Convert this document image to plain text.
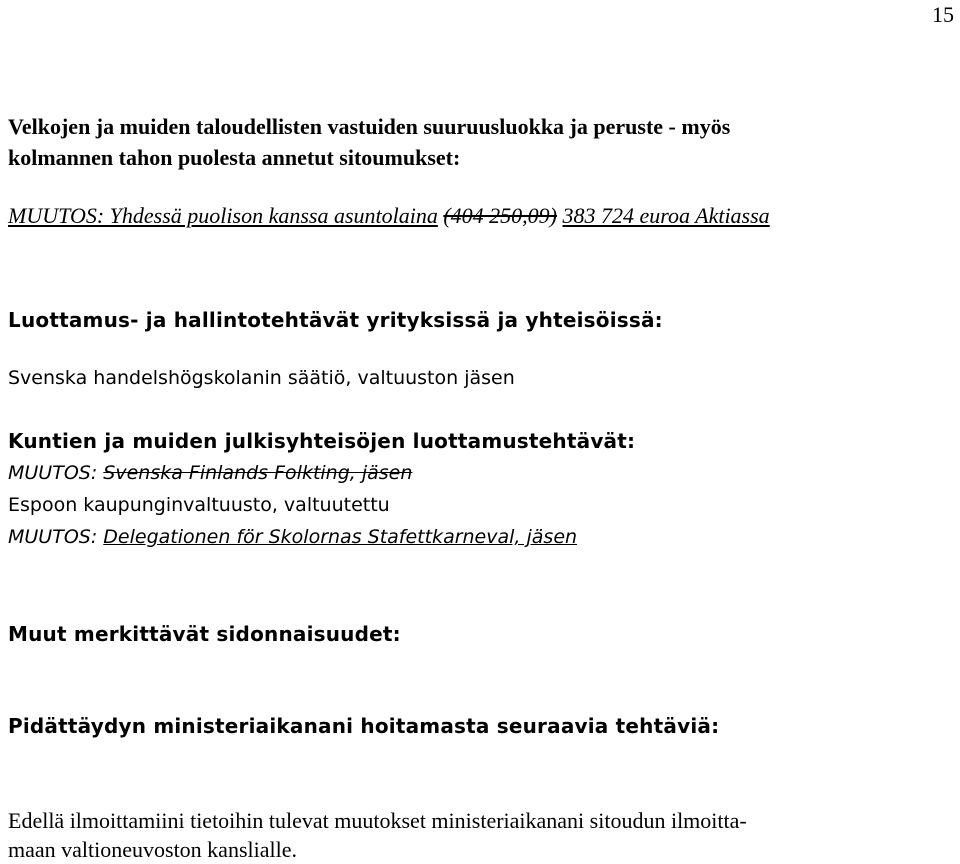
15
Velkojen ja muiden taloudellisten vastuiden suuruusluokka ja peruste - myös
kolmannen tahon puolesta annetut sitoumukset:
MUUTOS: Yhdessä puolison kanssa asuntolaina (404 250,09) 383 724 euroa Aktiassa
Luottamus- ja hallintotehtävät yrityksissä ja yhteisöissä:
Svenska handelshögskolanin säätiö, valtuuston jäsen
Kuntien ja muiden julkisyhteisöjen luottamustehtävät:
MUUTOS: Svenska Finlands Folkting, jäsen
Espoon kaupunginvaltuusto, valtuutettu
MUUTOS: Delegationen för Skolornas Stafettkarneval, jäsen
Muut merkittävät sidonnaisuudet:
Pidättäydyn ministeriaikanani hoitamasta seuraavia tehtäviä:

Edellä ilmoittamiini tietoihin tulevat muutokset ministeriaikanani sitoudun ilmoitta-

maan valtioneuvoston kanslialle.
